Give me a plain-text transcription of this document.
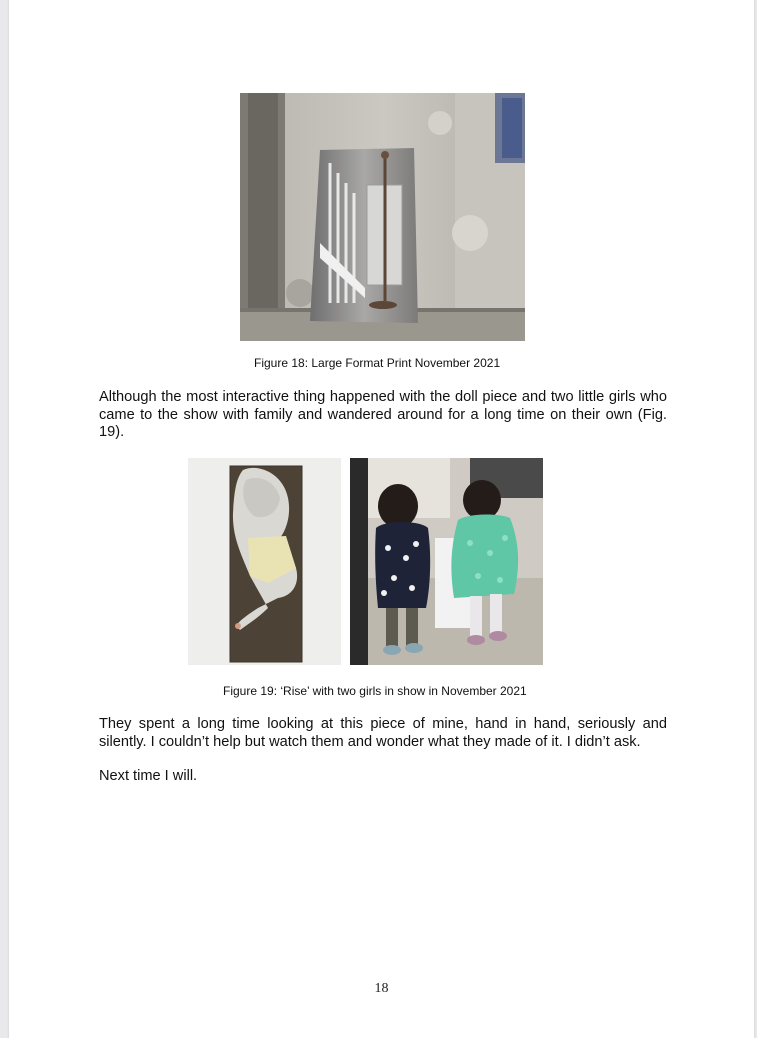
Figure 18: Large Format Print November 2021

Although the most interactive thing happened with the doll piece and two little girls who came to the show with family and wandered around for a long time on their own (Fig. 19).

Figure 19: ‘Rise’ with two girls in show in November 2021

They spent a long time looking at this piece of mine, hand in hand, seriously and silently. I couldn’t help but watch them and wonder what they made of it. I didn’t ask.

Next time I will.

18
